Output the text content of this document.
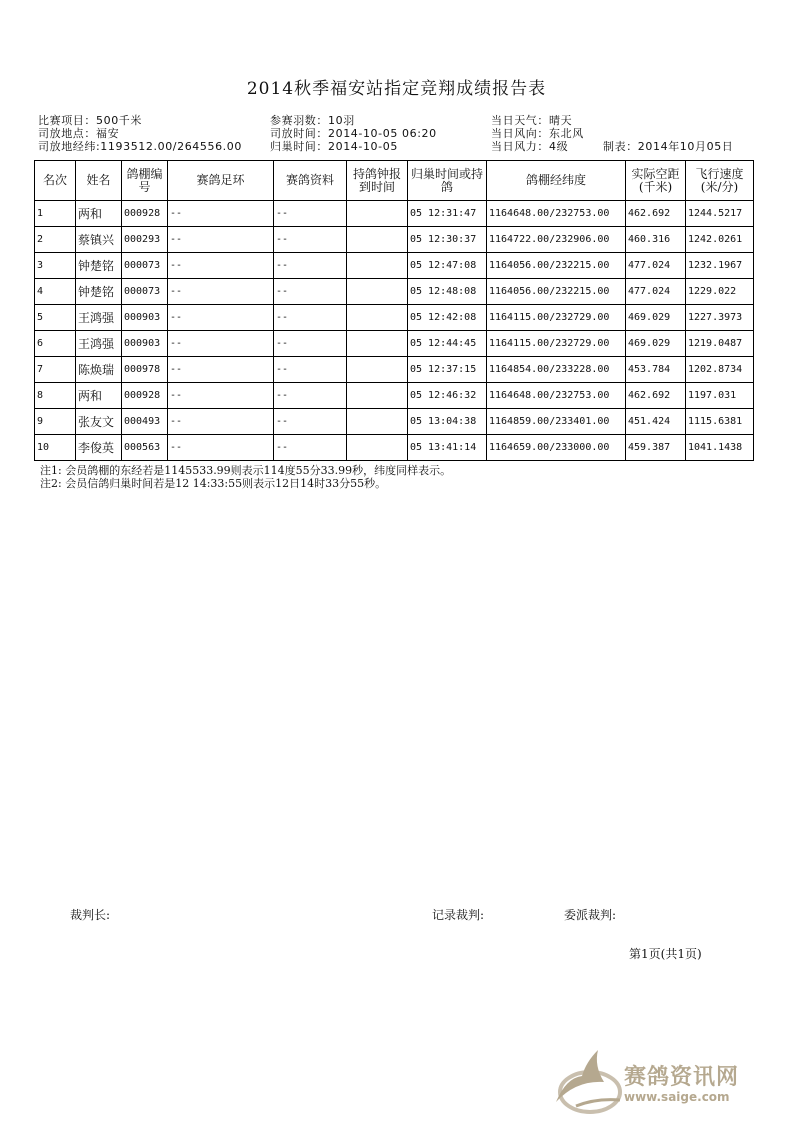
2014秋季福安站指定竞翔成绩报告表
比赛项目：500千米	参赛羽数：10羽	当日天气：晴天
司放地点：福安	司放时间：2014-10-05 06:20	当日风向：东北风
司放地经纬:1193512.00/264556.00	归巢时间：2014-10-05	当日风力：4级	制表：2014年10月05日
名次	姓名	鸽棚编号	赛鸽足环	赛鸽资料	持鸽钟报到时间	归巢时间或持鸽	鸽棚经纬度	实际空距(千米)	飞行速度(米/分)
1	两和	000928	--	--		05 12:31:47	1164648.00/232753.00	462.692	1244.5217
2	蔡镇兴	000293	--	--		05 12:30:37	1164722.00/232906.00	460.316	1242.0261
3	钟楚铭	000073	--	--		05 12:47:08	1164056.00/232215.00	477.024	1232.1967
4	钟楚铭	000073	--	--		05 12:48:08	1164056.00/232215.00	477.024	1229.022
5	王鸿强	000903	--	--		05 12:42:08	1164115.00/232729.00	469.029	1227.3973
6	王鸿强	000903	--	--		05 12:44:45	1164115.00/232729.00	469.029	1219.0487
7	陈焕瑞	000978	--	--		05 12:37:15	1164854.00/233228.00	453.784	1202.8734
8	两和	000928	--	--		05 12:46:32	1164648.00/232753.00	462.692	1197.031
9	张友文	000493	--	--		05 13:04:38	1164859.00/233401.00	451.424	1115.6381
10	李俊英	000563	--	--		05 13:41:14	1164659.00/233000.00	459.387	1041.1438
注1: 会员鸽棚的东经若是1145533.99则表示114度55分33.99秒，纬度同样表示。
注2: 会员信鸽归巢时间若是12 14:33:55则表示12日14时33分55秒。
裁判长:	记录裁判:	委派裁判:
第1页(共1页)
赛鸽资讯网
www.saige.com
